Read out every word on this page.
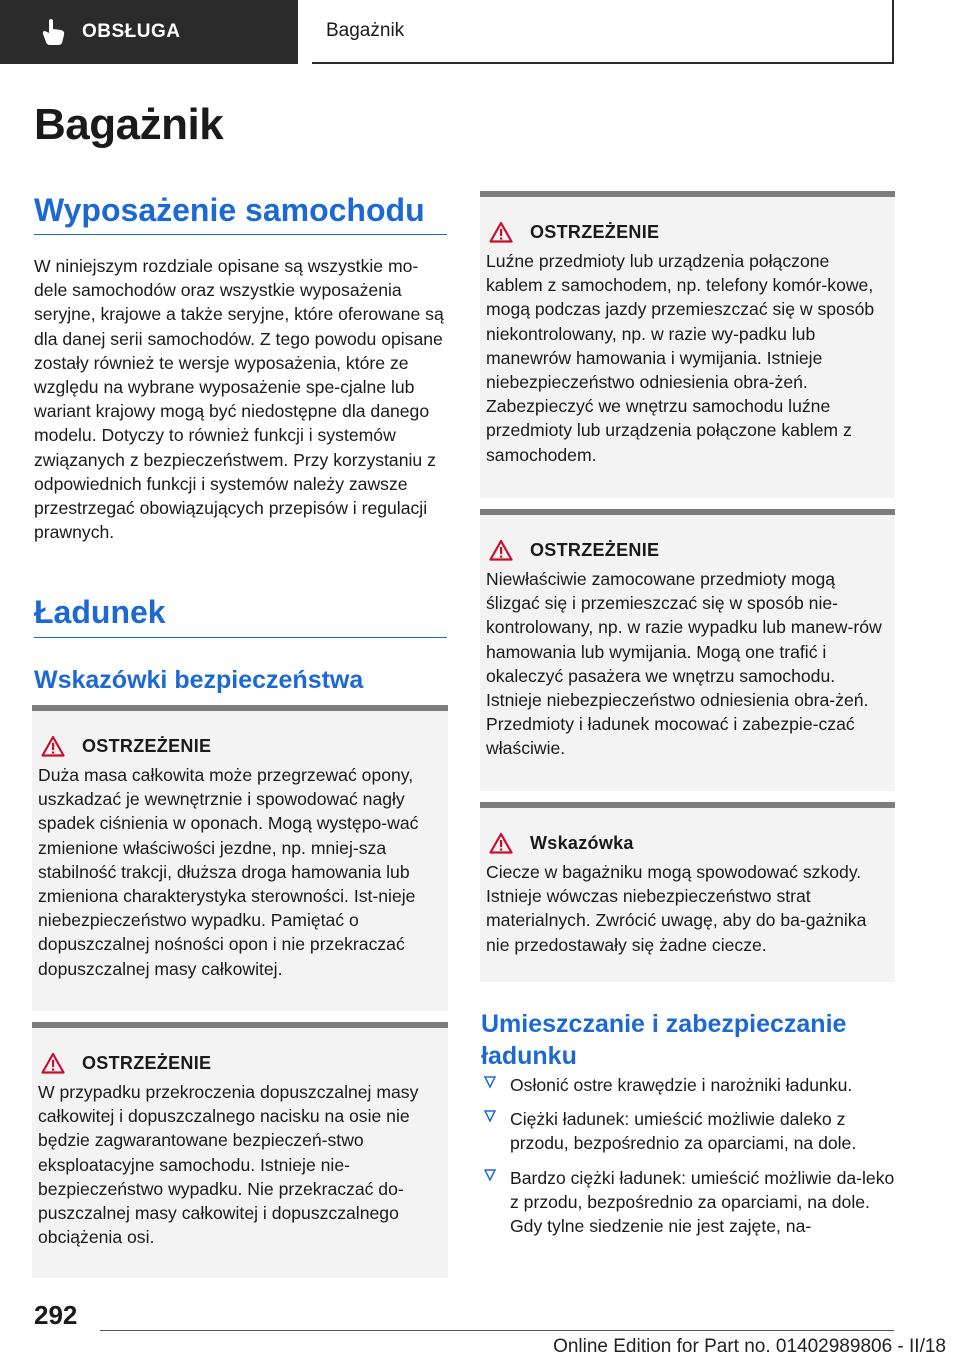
OBSŁUGA	Bagażnik
Bagażnik
Wyposażenie samochodu

W niniejszym rozdziale opisane są wszystkie mo-dele samochodów oraz wszystkie wyposażenia seryjne, krajowe a także seryjne, które oferowane są dla danej serii samochodów. Z tego powodu opisane zostały również te wersje wyposażenia, które ze względu na wybrane wyposażenie spe-cjalne lub wariant krajowy mogą być niedostępne dla danego modelu. Dotyczy to również funkcji i systemów związanych z bezpieczeństwem. Przy korzystaniu z odpowiednich funkcji i systemów należy zawsze przestrzegać obowiązujących przepisów i regulacji prawnych.

Ładunek
Wskazówki bezpieczeństwa
OSTRZEŻENIE

Duża masa całkowita może przegrzewać opony, uszkadzać je wewnętrznie i spowodować nagły spadek ciśnienia w oponach. Mogą występo-wać zmienione właściwości jezdne, np. mniej-sza stabilność trakcji, dłuższa droga hamowania lub zmieniona charakterystyka sterowności. Ist-nieje niebezpieczeństwo wypadku. Pamiętać o dopuszczalnej nośności opon i nie przekraczać dopuszczalnej masy całkowitej.

OSTRZEŻENIE

W przypadku przekroczenia dopuszczalnej masy całkowitej i dopuszczalnego nacisku na osie nie będzie zagwarantowane bezpieczeń-stwo eksploatacyjne samochodu. Istnieje nie-bezpieczeństwo wypadku. Nie przekraczać do-puszczalnej masy całkowitej i dopuszczalnego obciążenia osi.

OSTRZEŻENIE

Luźne przedmioty lub urządzenia połączone kablem z samochodem, np. telefony komór-kowe, mogą podczas jazdy przemieszczać się w sposób niekontrolowany, np. w razie wy-padku lub manewrów hamowania i wymijania. Istnieje niebezpieczeństwo odniesienia obra-żeń. Zabezpieczyć we wnętrzu samochodu luźne przedmioty lub urządzenia połączone kablem z samochodem.

OSTRZEŻENIE

Niewłaściwie zamocowane przedmioty mogą ślizgać się i przemieszczać się w sposób nie-kontrolowany, np. w razie wypadku lub manew-rów hamowania lub wymijania. Mogą one trafić i okaleczyć pasażera we wnętrzu samochodu. Istnieje niebezpieczeństwo odniesienia obra-żeń. Przedmioty i ładunek mocować i zabezpie-czać właściwie.

Wskazówka

Ciecze w bagażniku mogą spowodować szkody. Istnieje wówczas niebezpieczeństwo strat materialnych. Zwrócić uwagę, aby do ba-gażnika nie przedostawały się żadne ciecze.

Umieszczanie i zabezpieczanie ładunku
Osłonić ostre krawędzie i narożniki ładunku.
Ciężki ładunek: umieścić możliwie daleko z przodu, bezpośrednio za oparciami, na dole.
Bardzo ciężki ładunek: umieścić możliwie da-leko z przodu, bezpośrednio za oparciami, na dole. Gdy tylne siedzenie nie jest zajęte, na-
292
Online Edition for Part no. 01402989806 - II/18
